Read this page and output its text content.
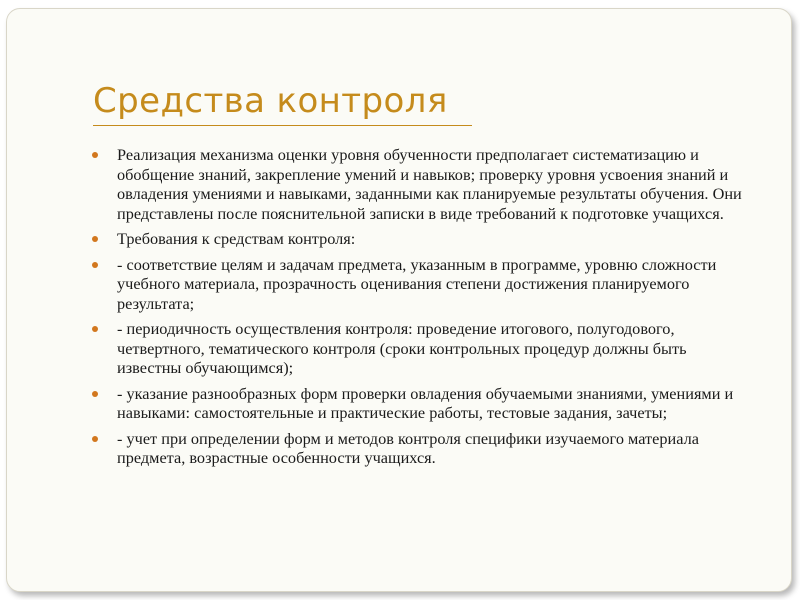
Средства контроля
Реализация механизма оценки уровня обученности предполагает систематизацию и обобщение знаний, закрепление умений и навыков; проверку уровня усвоения знаний и овладения умениями и навыками, заданными как планируемые результаты обучения. Они представлены после пояснительной записки в виде требований к подготовке учащихся.
Требования к средствам контроля:
- соответствие целям и задачам предмета, указанным в программе, уровню сложности учебного материала, прозрачность оценивания степени достижения планируемого результата;
- периодичность осуществления контроля: проведение итогового, полугодового, четвертного, тематического контроля (сроки контрольных процедур должны быть известны обучающимся);
- указание разнообразных форм проверки овладения обучаемыми знаниями, умениями и навыками: самостоятельные и практические работы, тестовые задания, зачеты;
- учет при определении форм и методов контроля специфики изучаемого материала предмета, возрастные особенности учащихся.
